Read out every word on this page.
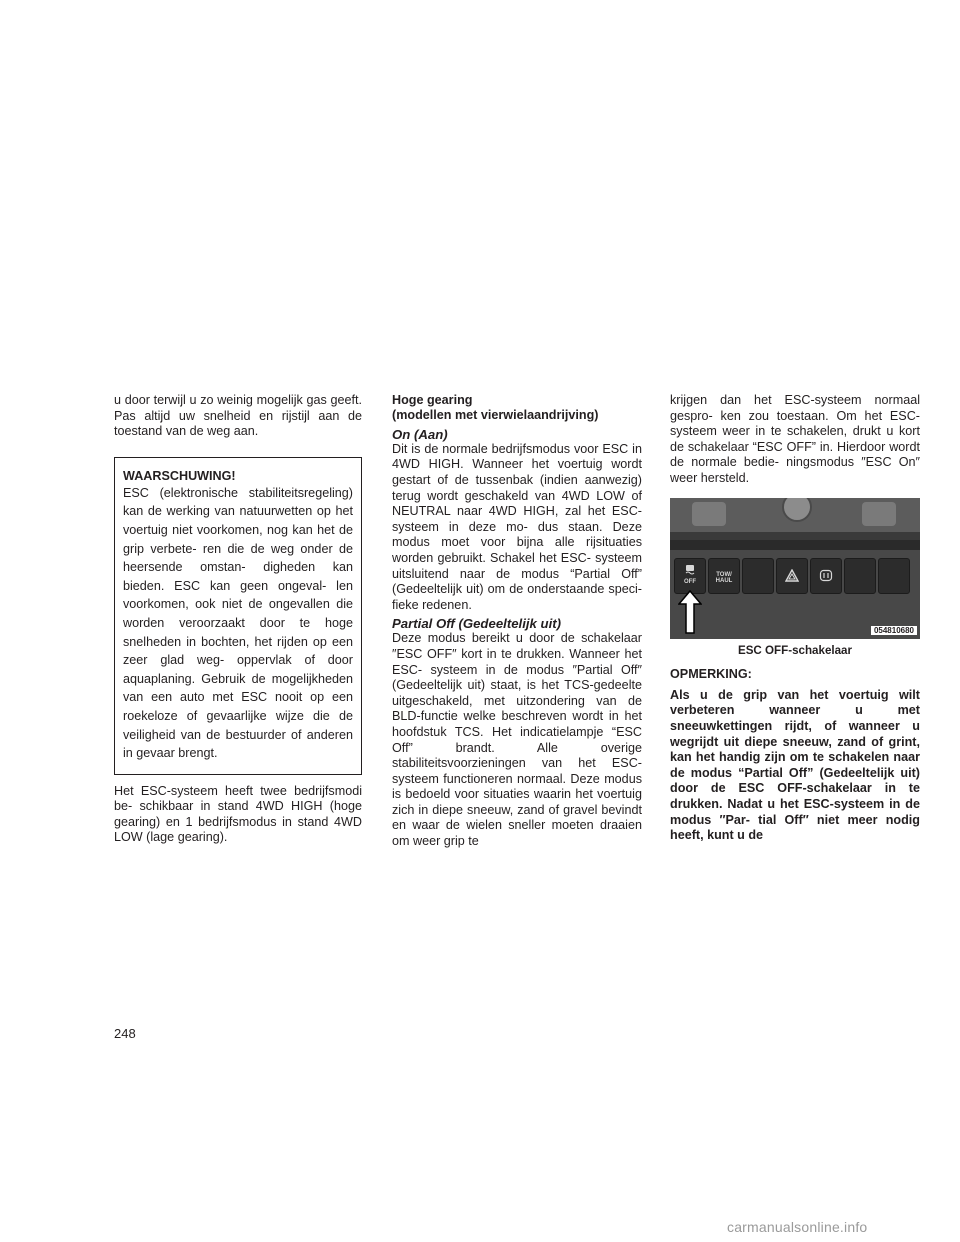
u door terwijl u zo weinig mogelijk gas geeft. Pas altijd uw snelheid en rijstijl aan de toestand van de weg aan.

WAARSCHUWING!

ESC (elektronische stabiliteitsregeling) kan de werking van natuurwetten op het voertuig niet voorkomen, nog kan het de grip verbete- ren die de weg onder de heersende omstan- digheden kan bieden. ESC kan geen ongeval- len voorkomen, ook niet de ongevallen die worden veroorzaakt door te hoge snelheden in bochten, het rijden op een zeer glad weg- oppervlak of door aquaplaning. Gebruik de mogelijkheden van een auto met ESC nooit op een roekeloze of gevaarlijke wijze die de veiligheid van de bestuurder of anderen in gevaar brengt.

Het ESC-systeem heeft twee bedrijfsmodi be- schikbaar in stand 4WD HIGH (hoge gearing) en 1 bedrijfsmodus in stand 4WD LOW (lage gearing).

Hoge gearing
(modellen met vierwielaandrijving)
On (Aan)

Dit is de normale bedrijfsmodus voor ESC in 4WD HIGH. Wanneer het voertuig wordt gestart of de tussenbak (indien aanwezig) terug wordt geschakeld van 4WD LOW of NEUTRAL naar 4WD HIGH, zal het ESC-systeem in deze mo- dus staan. Deze modus moet voor bijna alle rijsituaties worden gebruikt. Schakel het ESC- systeem uitsluitend naar de modus “Partial Off” (Gedeeltelijk uit) om de onderstaande speci- fieke redenen.

Partial Off (Gedeeltelijk uit)

Deze modus bereikt u door de schakelaar ″ESC OFF″ kort in te drukken. Wanneer het ESC- systeem in de modus ″Partial Off″ (Gedeeltelijk uit) staat, is het TCS-gedeelte uitgeschakeld, met uitzondering van de BLD-functie welke beschreven wordt in het hoofdstuk TCS. Het indicatielampje “ESC Off” brandt. Alle overige stabiliteitsvoorzieningen van het ESC-systeem functioneren normaal. Deze modus is bedoeld voor situaties waarin het voertuig zich in diepe sneeuw, zand of gravel bevindt en waar de wielen sneller moeten draaien om weer grip te

krijgen dan het ESC-systeem normaal gespro- ken zou toestaan. Om het ESC-systeem weer in te schakelen, drukt u kort de schakelaar “ESC OFF” in. Hierdoor wordt de normale bedie- ningsmodus ″ESC On″ weer hersteld.

OFF
TOW/ HAUL
054810680
ESC OFF-schakelaar
OPMERKING:

Als u de grip van het voertuig wilt verbeteren wanneer u met sneeuwkettingen rijdt, of wanneer u wegrijdt uit diepe sneeuw, zand of grint, kan het handig zijn om te schakelen naar de modus “Partial Off” (Gedeeltelijk uit) door de ESC OFF-schakelaar in te drukken. Nadat u het ESC-systeem in de modus ″Par- tial Off″ niet meer nodig heeft, kunt u de

248
carmanualsonline.info
